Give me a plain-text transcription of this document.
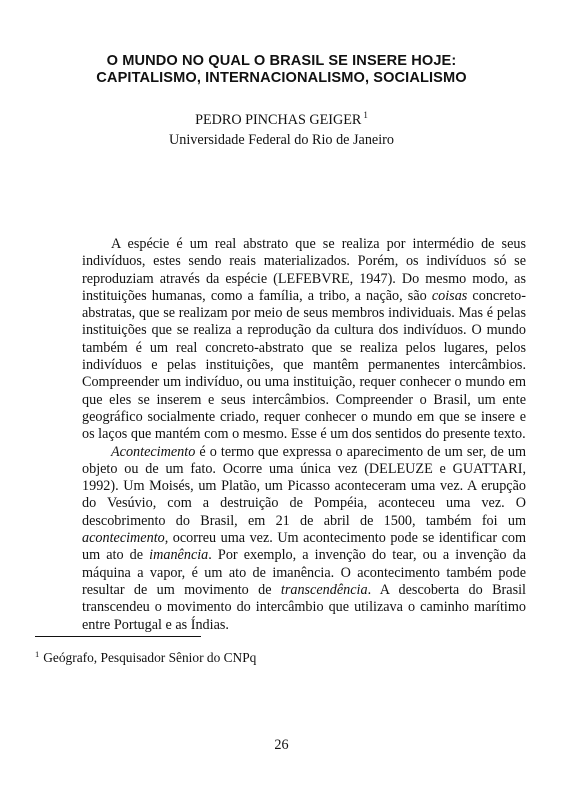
O MUNDO NO QUAL O BRASIL SE INSERE HOJE:
CAPITALISMO, INTERNACIONALISMO, SOCIALISMO
PEDRO PINCHAS GEIGER $^1$
Universidade Federal do Rio de Janeiro

A espécie é um real abstrato que se realiza por intermédio de seus indivíduos, estes sendo reais materializados. Porém, os indivíduos só se reproduziam através da espécie (LEFEBVRE, 1947). Do mesmo modo, as instituições humanas, como a família, a tribo, a nação, são coisas concreto-abstratas, que se realizam por meio de seus membros individuais. Mas é pelas instituições que se realiza a reprodução da cultura dos indivíduos. O mundo também é um real concreto-abstrato que se realiza pelos lugares, pelos indivíduos e pelas instituições, que mantêm permanentes intercâmbios. Compreender um indivíduo, ou uma instituição, requer conhecer o mundo em que eles se inserem e seus intercâmbios. Compreender o Brasil, um ente geográfico socialmente criado, requer conhecer o mundo em que se insere e os laços que mantém com o mesmo. Esse é um dos sentidos do presente texto.

Acontecimento é o termo que expressa o aparecimento de um ser, de um objeto ou de um fato. Ocorre uma única vez (DELEUZE e GUATTARI, 1992). Um Moisés, um Platão, um Picasso aconteceram uma vez. A erupção do Vesúvio, com a destruição de Pompéia, aconteceu uma vez. O descobrimento do Brasil, em 21 de abril de 1500, também foi um acontecimento, ocorreu uma vez. Um acontecimento pode se identificar com um ato de imanência. Por exemplo, a invenção do tear, ou a invenção da máquina a vapor, é um ato de imanência. O acontecimento também pode resultar de um movimento de transcendência. A descoberta do Brasil transcendeu o movimento do intercâmbio que utilizava o caminho marítimo entre Portugal e as Índias.

$^1$ Geógrafo, Pesquisador Sênior do CNPq
26
